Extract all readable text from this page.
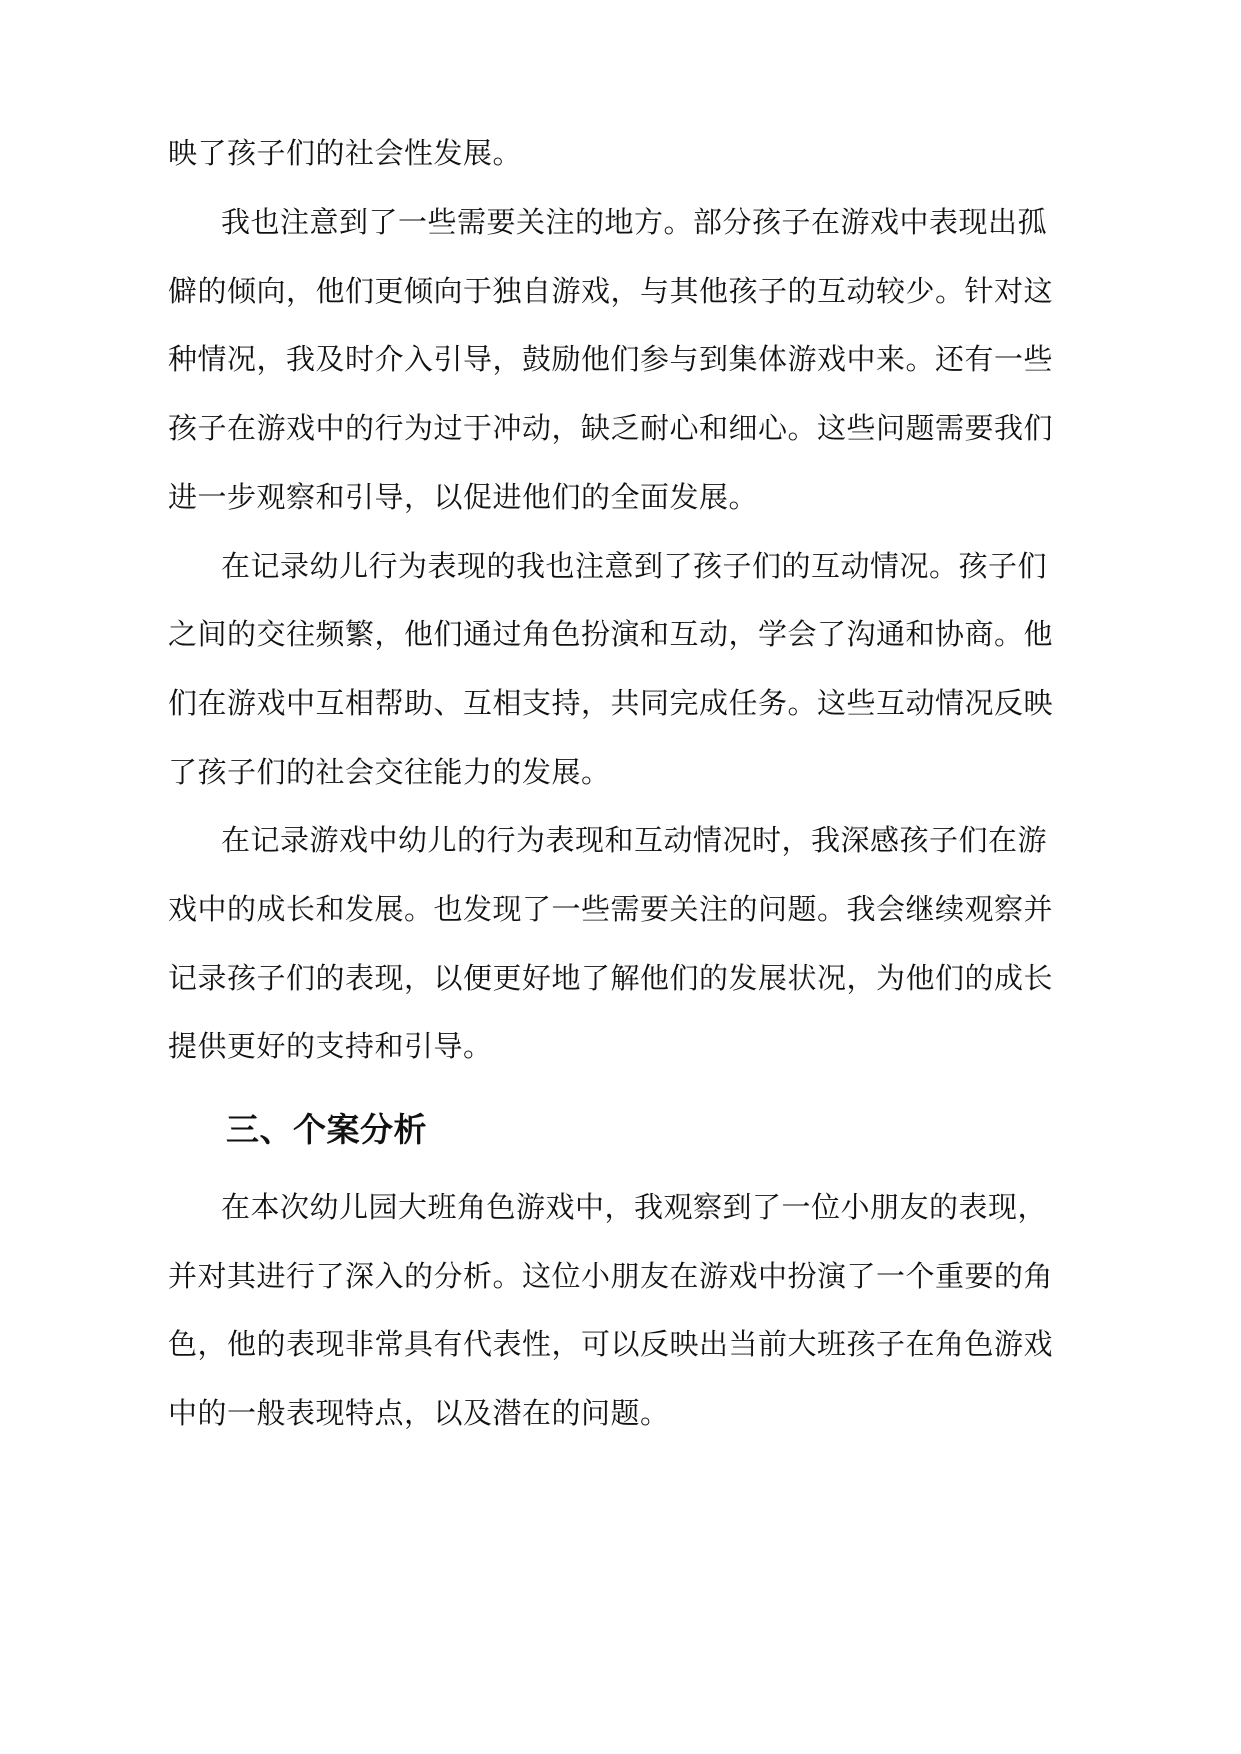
映了孩子们的社会性发展。
我也注意到了一些需要关注的地方。部分孩子在游戏中表现出孤
僻的倾向，他们更倾向于独自游戏，与其他孩子的互动较少。针对这
种情况，我及时介入引导，鼓励他们参与到集体游戏中来。还有一些
孩子在游戏中的行为过于冲动，缺乏耐心和细心。这些问题需要我们
进一步观察和引导，以促进他们的全面发展。
在记录幼儿行为表现的我也注意到了孩子们的互动情况。孩子们
之间的交往频繁，他们通过角色扮演和互动，学会了沟通和协商。他
们在游戏中互相帮助、互相支持，共同完成任务。这些互动情况反映
了孩子们的社会交往能力的发展。
在记录游戏中幼儿的行为表现和互动情况时，我深感孩子们在游
戏中的成长和发展。也发现了一些需要关注的问题。我会继续观察并
记录孩子们的表现，以便更好地了解他们的发展状况，为他们的成长
提供更好的支持和引导。
三、个案分析
在本次幼儿园大班角色游戏中，我观察到了一位小朋友的表现，
并对其进行了深入的分析。这位小朋友在游戏中扮演了一个重要的角
色，他的表现非常具有代表性，可以反映出当前大班孩子在角色游戏
中的一般表现特点，以及潜在的问题。
